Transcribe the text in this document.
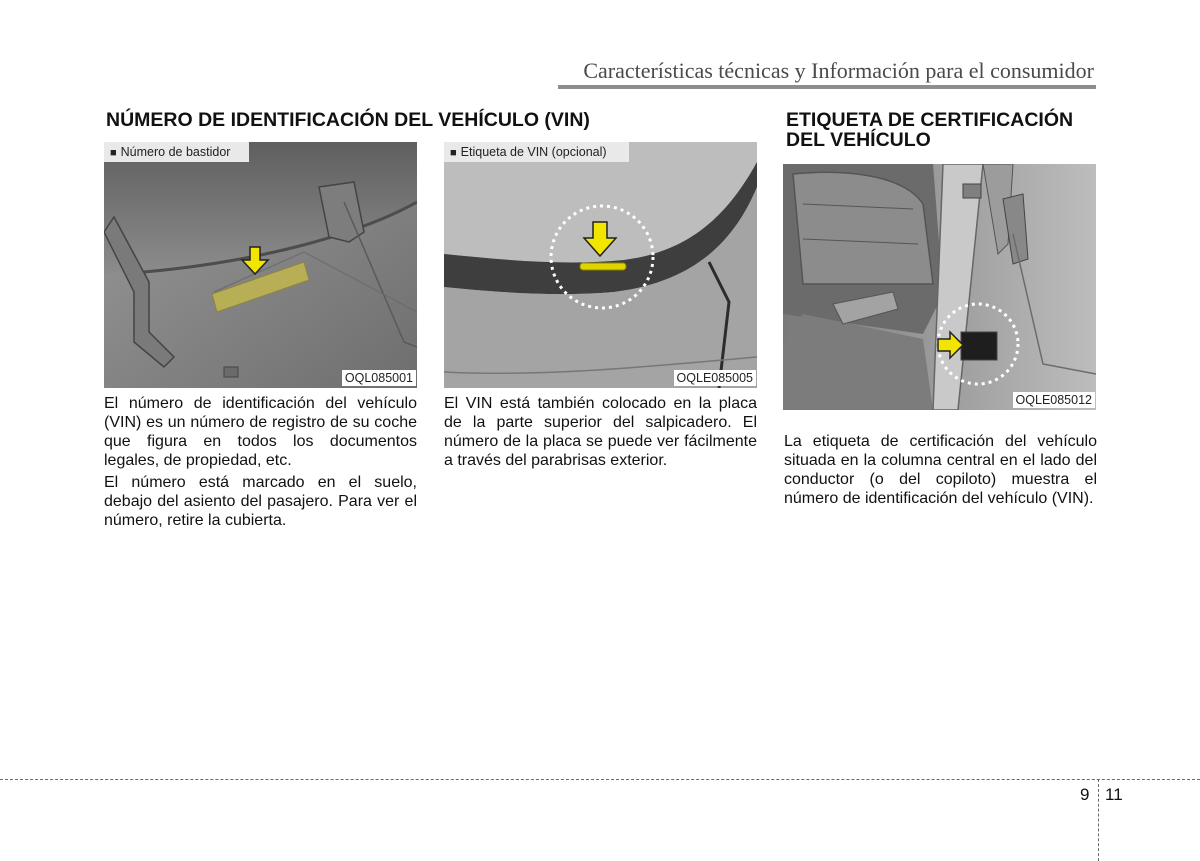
Características técnicas y Información para el consumidor
NÚMERO DE IDENTIFICACIÓN DEL VEHÍCULO (VIN)	ETIQUETA DE CERTIFICACIÓN
DEL VEHÍCULO
■ Número de bastidor
OQL085001
■ Etiqueta de VIN (opcional)
OQLE085005
OQLE085012

El número de identificación del vehículo (VIN) es un número de registro de su coche que figura en todos los documentos legales, de propiedad, etc.

El número está marcado en el suelo, debajo del asiento del pasajero. Para ver el número, retire la cubierta.

El VIN está también colocado en la placa de la parte superior del salpicadero. El número de la placa se puede ver fácilmente a través del parabrisas exterior.

La etiqueta de certificación del vehículo situada en la columna central en el lado del conductor (o del copiloto) muestra el número de identificación del vehículo (VIN).

9 11
